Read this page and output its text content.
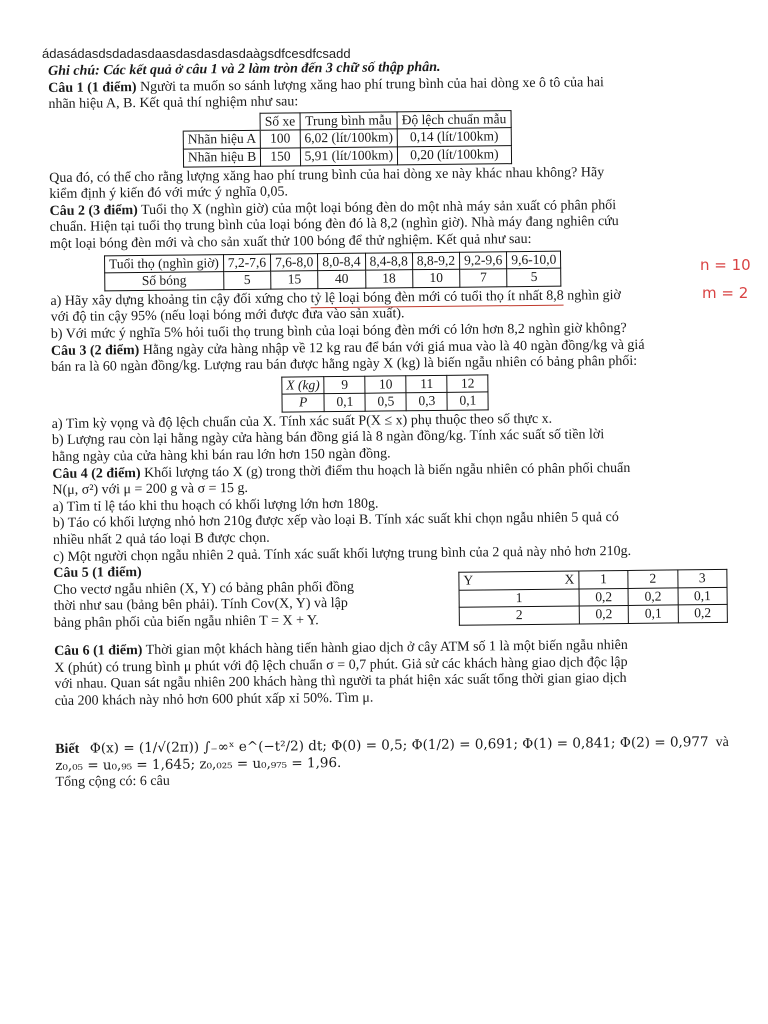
ádasádasdsdadasdaasdasdasdasdaàgsdfcesdfcsadd

Ghi chú: Các kết quả ở câu 1 và 2 làm tròn đến 3 chữ số thập phân.

Câu 1 (1 điểm) Người ta muốn so sánh lượng xăng hao phí trung bình của hai dòng xe ô tô của hai

nhãn hiệu A, B. Kết quả thí nghiệm như sau:

	Số xe	Trung bình mẫu	Độ lệch chuẩn mẫu
Nhãn hiệu A	100	6,02 (lít/100km)	0,14 (lít/100km)
Nhãn hiệu B	150	5,91 (lít/100km)	0,20 (lít/100km)

Qua đó, có thể cho rằng lượng xăng hao phí trung bình của hai dòng xe này khác nhau không? Hãy

kiểm định ý kiến đó với mức ý nghĩa 0,05.

Câu 2 (3 điểm) Tuổi thọ X (nghìn giờ) của một loại bóng đèn do một nhà máy sản xuất có phân phối

chuẩn. Hiện tại tuổi thọ trung bình của loại bóng đèn đó là 8,2 (nghìn giờ). Nhà máy đang nghiên cứu

một loại bóng đèn mới và cho sản xuất thử 100 bóng để thử nghiệm. Kết quả như sau:

Tuổi thọ (nghìn giờ)	7,2-7,6	7,6-8,0	8,0-8,4	8,4-8,8	8,8-9,2	9,2-9,6	9,6-10,0
Số bóng	5	15	40	18	10	7	5

a) Hãy xây dựng khoảng tin cậy đối xứng cho tỷ lệ loại bóng đèn mới có tuổi thọ ít nhất 8,8 nghìn giờ

với độ tin cậy 95% (nếu loại bóng mới được đưa vào sản xuất).

b) Với mức ý nghĩa 5% hỏi tuổi thọ trung bình của loại bóng đèn mới có lớn hơn 8,2 nghìn giờ không?

Câu 3 (2 điểm) Hằng ngày cửa hàng nhập về 12 kg rau để bán với giá mua vào là 40 ngàn đồng/kg và giá

bán ra là 60 ngàn đồng/kg. Lượng rau bán được hằng ngày X (kg) là biến ngẫu nhiên có bảng phân phối:

X (kg)	9	10	11	12
P	0,1	0,5	0,3	0,1

a) Tìm kỳ vọng và độ lệch chuẩn của X. Tính xác suất P(X ≤ x) phụ thuộc theo số thực x.

b) Lượng rau còn lại hằng ngày cửa hàng bán đồng giá là 8 ngàn đồng/kg. Tính xác suất số tiền lời

hằng ngày của cửa hàng khi bán rau lớn hơn 150 ngàn đồng.

Câu 4 (2 điểm) Khối lượng táo X (g) trong thời điểm thu hoạch là biến ngẫu nhiên có phân phối chuẩn

N(μ, σ²) với μ = 200 g và σ = 15 g.

a) Tìm tỉ lệ táo khi thu hoạch có khối lượng lớn hơn 180g.

b) Táo có khối lượng nhỏ hơn 210g được xếp vào loại B. Tính xác suất khi chọn ngẫu nhiên 5 quả có

nhiều nhất 2 quả táo loại B được chọn.

c) Một người chọn ngẫu nhiên 2 quả. Tính xác suất khối lượng trung bình của 2 quả này nhỏ hơn 210g.

Câu 5 (1 điểm)

Cho vectơ ngẫu nhiên (X, Y) có bảng phân phối đồng

thời như sau (bảng bên phải). Tính Cov(X, Y) và lập

bảng phân phối của biến ngẫu nhiên T = X + Y.

Y X	1	2	3
1	0,2	0,2	0,1
2	0,2	0,1	0,2

Câu 6 (1 điểm) Thời gian một khách hàng tiến hành giao dịch ở cây ATM số 1 là một biến ngẫu nhiên

X (phút) có trung bình μ phút với độ lệch chuẩn σ = 0,7 phút. Giả sử các khách hàng giao dịch độc lập

với nhau. Quan sát ngẫu nhiên 200 khách hàng thì người ta phát hiện xác suất tổng thời gian giao dịch

của 200 khách này nhỏ hơn 600 phút xấp xỉ 50%. Tìm μ.

Biết Φ(x) = (1/√(2π)) ∫₋∞ˣ e^(−t²/2) dt; Φ(0) = 0,5; Φ(1/2) = 0,691; Φ(1) = 0,841; Φ(2) = 0,977 và

z₀,₀₅ = u₀,₉₅ = 1,645; z₀,₀₂₅ = u₀,₉₇₅ = 1,96.

Tổng cộng có: 6 câu

n = 10
m = 2
